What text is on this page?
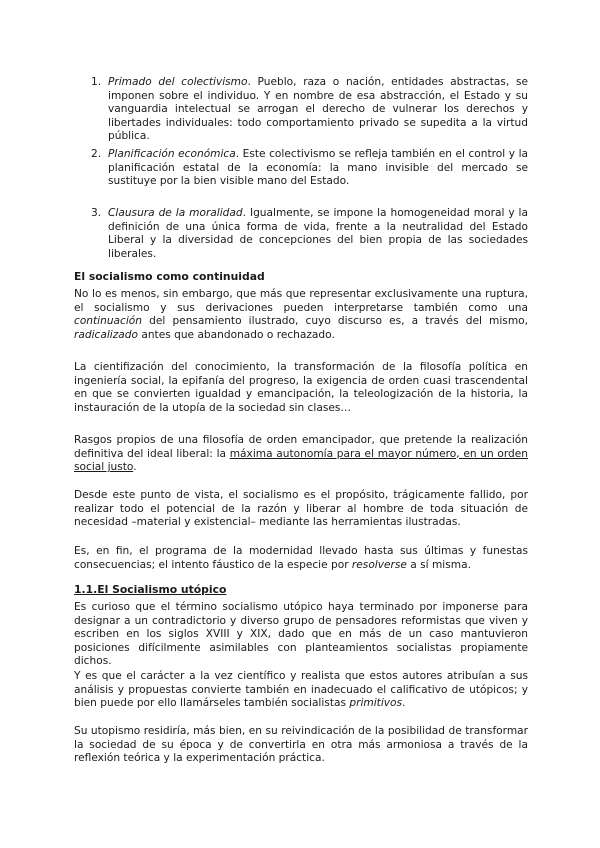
1. Primado del colectivismo. Pueblo, raza o nación, entidades abstractas, se imponen sobre el individuo. Y en nombre de esa abstracción, el Estado y su vanguardia intelectual se arrogan el derecho de vulnerar los derechos y libertades individuales: todo comportamiento privado se supedita a la virtud pública.

2. Planificación económica. Este colectivismo se refleja también en el control y la planificación estatal de la economía: la mano invisible del mercado se sustituye por la bien visible mano del Estado.

3. Clausura de la moralidad. Igualmente, se impone la homogeneidad moral y la definición de una única forma de vida, frente a la neutralidad del Estado Liberal y la diversidad de concepciones del bien propia de las sociedades liberales.

El socialismo como continuidad

No lo es menos, sin embargo, que más que representar exclusivamente una ruptura, el socialismo y sus derivaciones pueden interpretarse también como una continuación del pensamiento ilustrado, cuyo discurso es, a través del mismo, radicalizado antes que abandonado o rechazado.

La cientifización del conocimiento, la transformación de la filosofía política en ingeniería social, la epifanía del progreso, la exigencia de orden cuasi trascendental en que se convierten igualdad y emancipación, la teleologización de la historia, la instauración de la utopía de la sociedad sin clases…

Rasgos propios de una filosofía de orden emancipador, que pretende la realización definitiva del ideal liberal: la máxima autonomía para el mayor número, en un orden social justo.

Desde este punto de vista, el socialismo es el propósito, trágicamente fallido, por realizar todo el potencial de la razón y liberar al hombre de toda situación de necesidad –material y existencial– mediante las herramientas ilustradas.

Es, en fin, el programa de la modernidad llevado hasta sus últimas y funestas consecuencias; el intento fáustico de la especie por resolverse a sí misma.

1.1.El Socialismo utópico

Es curioso que el término socialismo utópico haya terminado por imponerse para designar a un contradictorio y diverso grupo de pensadores reformistas que viven y escriben en los siglos XVIII y XIX, dado que en más de un caso mantuvieron posiciones difícilmente asimilables con planteamientos socialistas propiamente dichos.

Y es que el carácter a la vez científico y realista que estos autores atribuían a sus análisis y propuestas convierte también en inadecuado el calificativo de utópicos; y bien puede por ello llamárseles también socialistas primitivos.

Su utopismo residiría, más bien, en su reivindicación de la posibilidad de transformar la sociedad de su época y de convertirla en otra más armoniosa a través de la reflexión teórica y la experimentación práctica.
